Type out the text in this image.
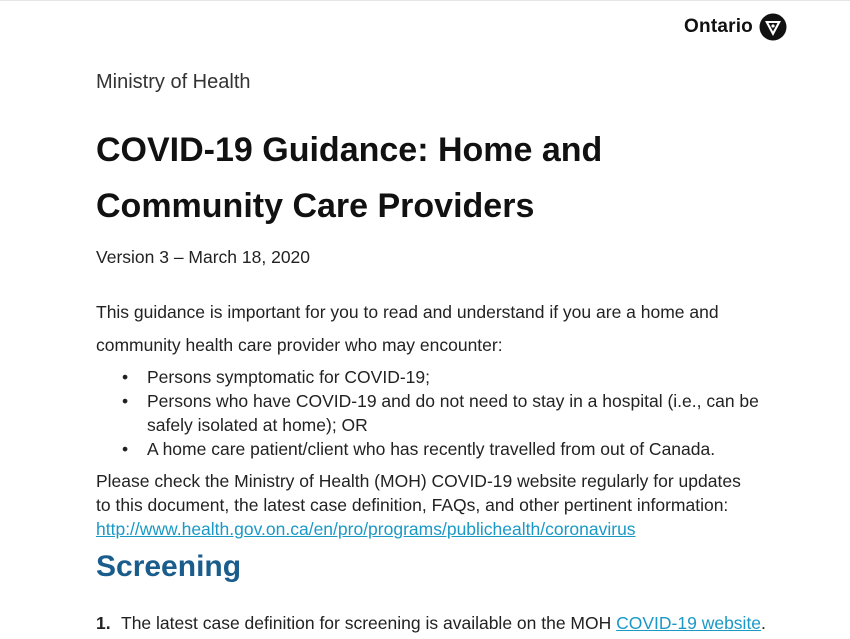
Ontario
Ministry of Health
COVID-19 Guidance: Home and
Community Care Providers
Version 3 – March 18, 2020
This guidance is important for you to read and understand if you are a home and
community health care provider who may encounter:
• Persons symptomatic for COVID-19;
• Persons who have COVID-19 and do not need to stay in a hospital (i.e., can be safely isolated at home); OR
• A home care patient/client who has recently travelled from out of Canada.
Please check the Ministry of Health (MOH) COVID-19 website regularly for updates
to this document, the latest case definition, FAQs, and other pertinent information:
http://www.health.gov.on.ca/en/pro/programs/publichealth/coronavirus
Screening
1. The latest case definition for screening is available on the MOH COVID-19 website.
